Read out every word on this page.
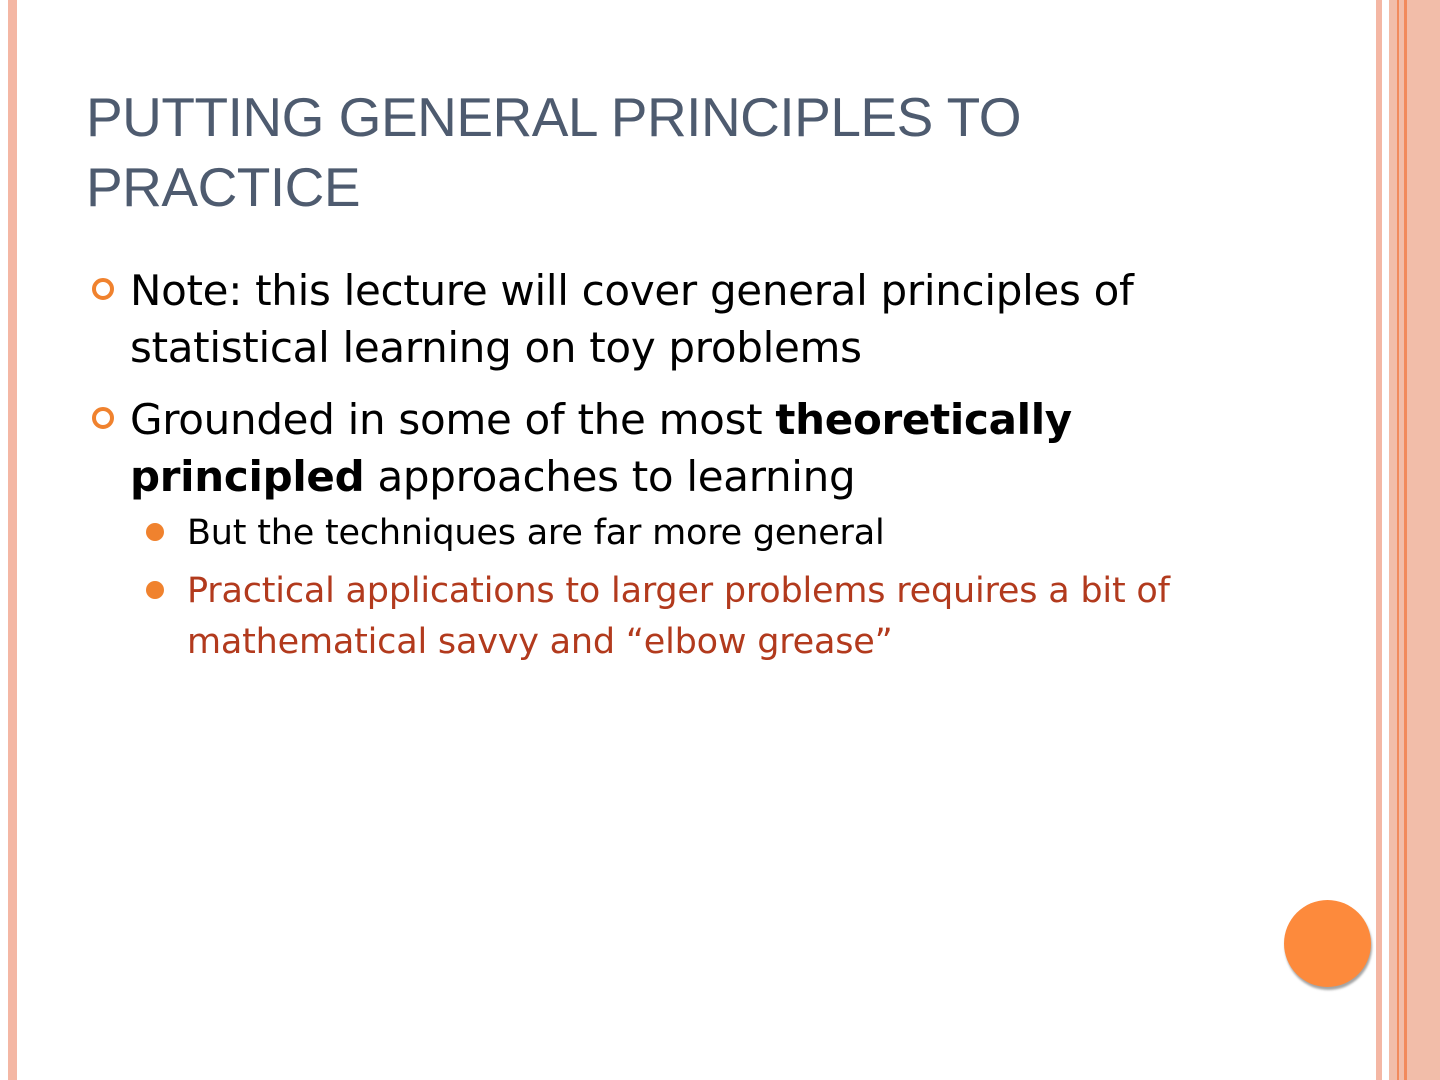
PUTTING GENERAL PRINCIPLES TO PRACTICE
Note: this lecture will cover general principles of statistical learning on toy problems
Grounded in some of the most theoretically principled approaches to learning
But the techniques are far more general
Practical applications to larger problems requires a bit of mathematical savvy and “elbow grease”
